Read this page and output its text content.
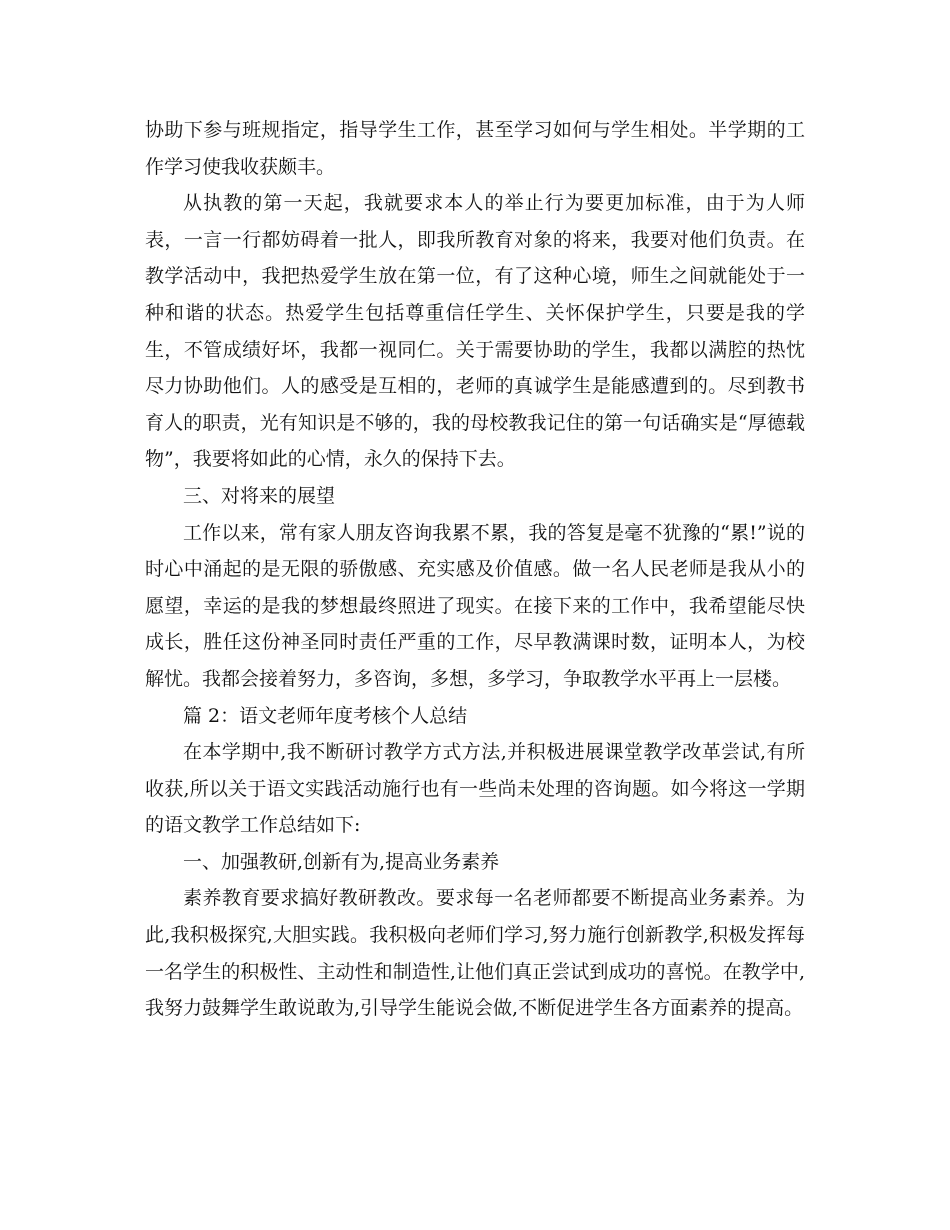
协助下参与班规指定，指导学生工作，甚至学习如何与学生相处。半学期的工作学习使我收获颇丰。

从执教的第一天起，我就要求本人的举止行为要更加标准，由于为人师表，一言一行都妨碍着一批人，即我所教育对象的将来，我要对他们负责。在教学活动中，我把热爱学生放在第一位，有了这种心境，师生之间就能处于一种和谐的状态。热爱学生包括尊重信任学生、关怀保护学生，只要是我的学生，不管成绩好坏，我都一视同仁。关于需要协助的学生，我都以满腔的热忱尽力协助他们。人的感受是互相的，老师的真诚学生是能感遭到的。尽到教书育人的职责，光有知识是不够的，我的母校教我记住的第一句话确实是“厚德载物”，我要将如此的心情，永久的保持下去。

三、对将来的展望

工作以来，常有家人朋友咨询我累不累，我的答复是毫不犹豫的“累!”说的时心中涌起的是无限的骄傲感、充实感及价值感。做一名人民老师是我从小的愿望，幸运的是我的梦想最终照进了现实。在接下来的工作中，我希望能尽快成长，胜任这份神圣同时责任严重的工作，尽早教满课时数，证明本人，为校解忧。我都会接着努力，多咨询，多想，多学习，争取教学水平再上一层楼。

篇 2：语文老师年度考核个人总结

在本学期中,我不断研讨教学方式方法,并积极进展课堂教学改革尝试,有所收获,所以关于语文实践活动施行也有一些尚未处理的咨询题。如今将这一学期的语文教学工作总结如下:

一、加强教研,创新有为,提高业务素养

素养教育要求搞好教研教改。要求每一名老师都要不断提高业务素养。为此,我积极探究,大胆实践。我积极向老师们学习,努力施行创新教学,积极发挥每一名学生的积极性、主动性和制造性,让他们真正尝试到成功的喜悦。在教学中,我努力鼓舞学生敢说敢为,引导学生能说会做,不断促进学生各方面素养的提高。
